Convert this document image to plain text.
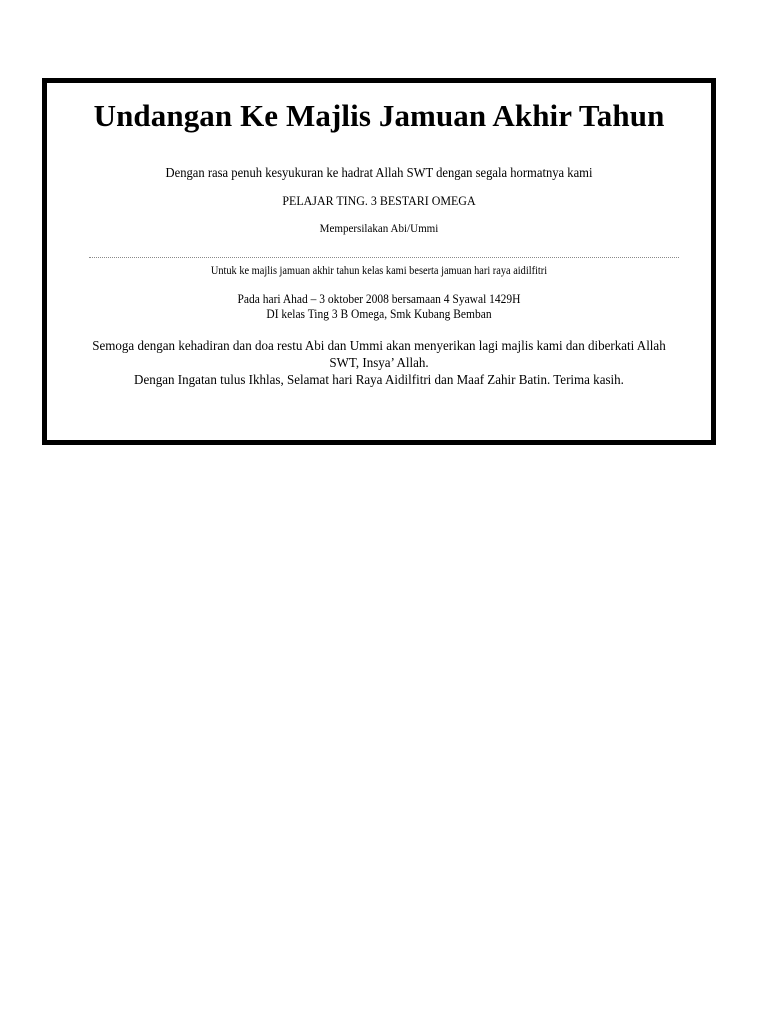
Undangan Ke Majlis Jamuan Akhir Tahun

Dengan rasa penuh kesyukuran ke hadrat Allah SWT dengan segala hormatnya kami

PELAJAR TING. 3 BESTARI OMEGA

Mempersilakan Abi/Ummi

Untuk ke majlis jamuan akhir tahun kelas kami beserta jamuan hari raya aidilfitri

Pada hari Ahad – 3 oktober 2008 bersamaan 4 Syawal 1429H
DI kelas Ting 3 B Omega, Smk Kubang Bemban
Semoga dengan kehadiran dan doa restu Abi dan Ummi akan menyerikan lagi majlis kami dan diberkati Allah SWT, Insya’ Allah.
Dengan Ingatan tulus Ikhlas, Selamat hari Raya Aidilfitri dan Maaf Zahir Batin. Terima kasih.
